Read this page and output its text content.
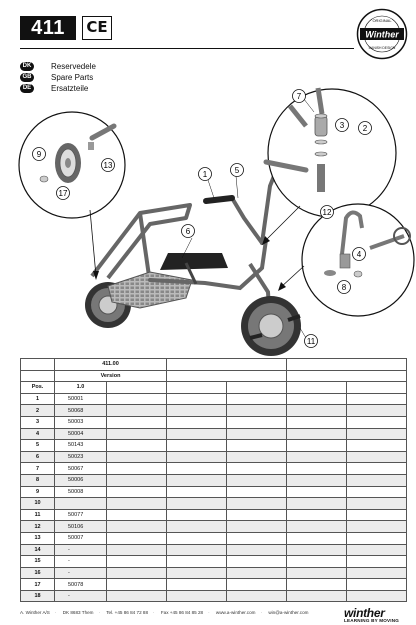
411	CE	Winther
ORIGINAL
DANISH DESIGN
DK	Reservedele
GB	Spare Parts
DE	Ersatzteile
1	5
6
7
3 2
9
13
17
12
4
8
11
	411.00					
	Version					
Pos.	1.0					
1	50001					
2	50068					
3	50003					
4	50004					
5	50143					
6	50023					
7	50067					
8	50006					
9	50008					
10						
11	50077					
12	50106					
13	50007					
14	-					
15	-					
16	-					
17	50078					
18	-					
A. Winther A/S · DK 8683 Them · Tel. +45 86 84 72 88 · Fax +45 86 84 85 28 · www.a-winther.com · win@a-winther.com	winther
LEARNING BY MOVING
